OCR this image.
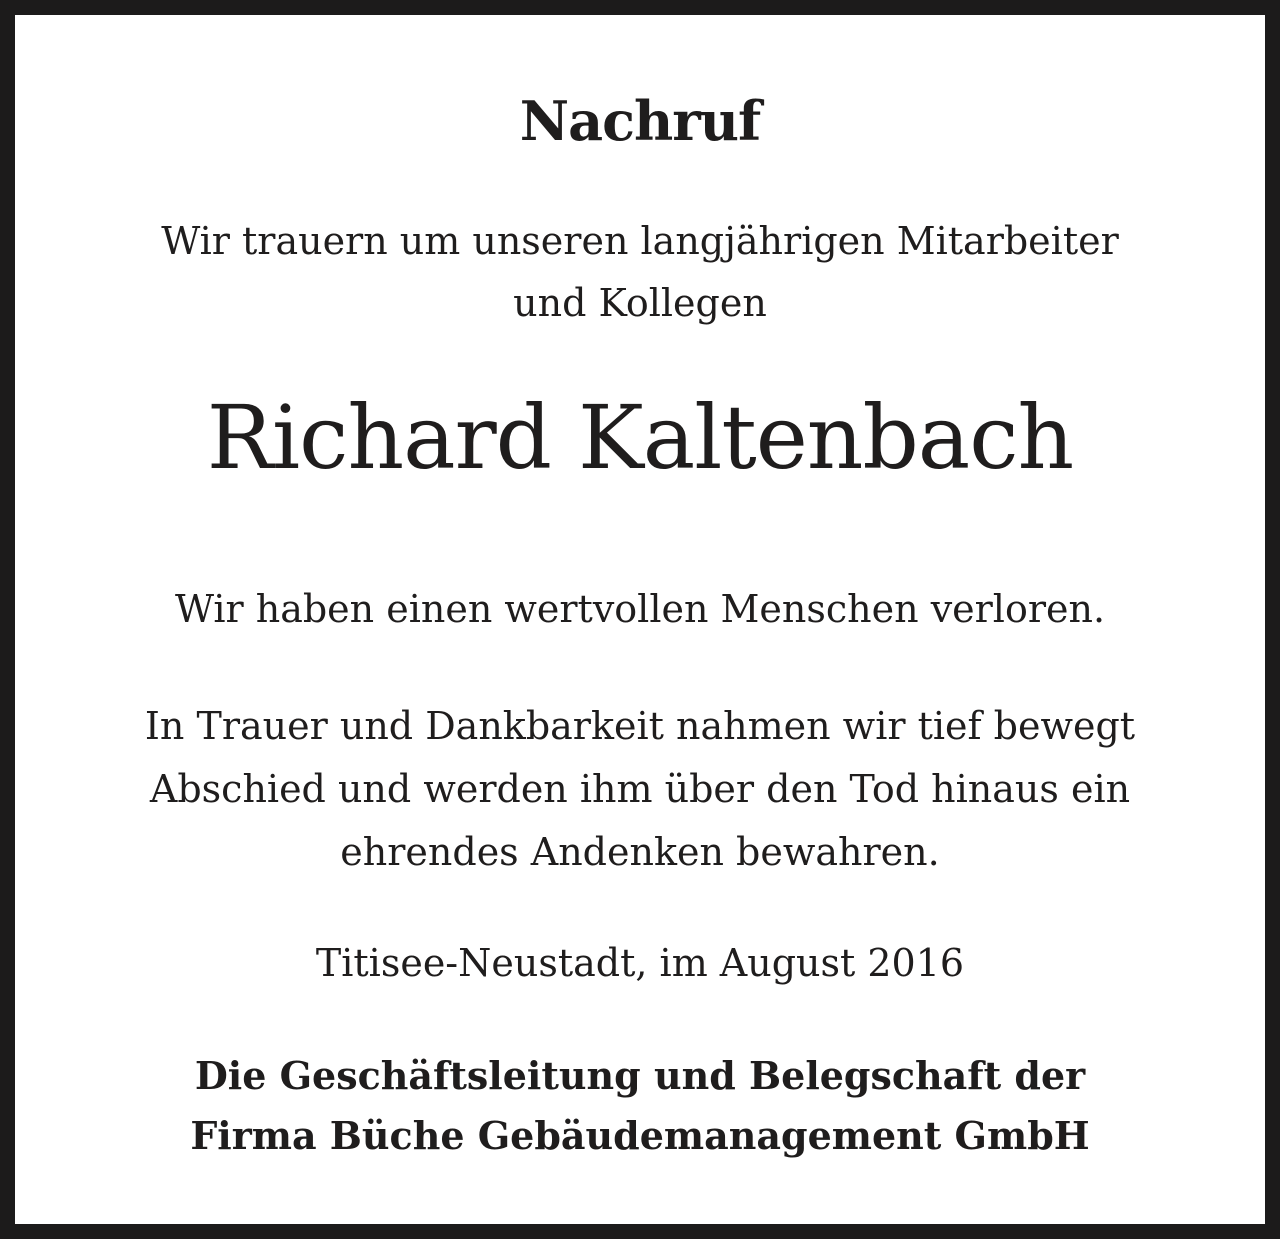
Nachruf

Wir trauern um unseren langjährigen Mitarbeiter
und Kollegen

Richard Kaltenbach

Wir haben einen wertvollen Menschen verloren.

In Trauer und Dankbarkeit nahmen wir tief bewegt
Abschied und werden ihm über den Tod hinaus ein
ehrendes Andenken bewahren.

Titisee-Neustadt, im August 2016

Die Geschäftsleitung und Belegschaft der
Firma Büche Gebäudemanagement GmbH
